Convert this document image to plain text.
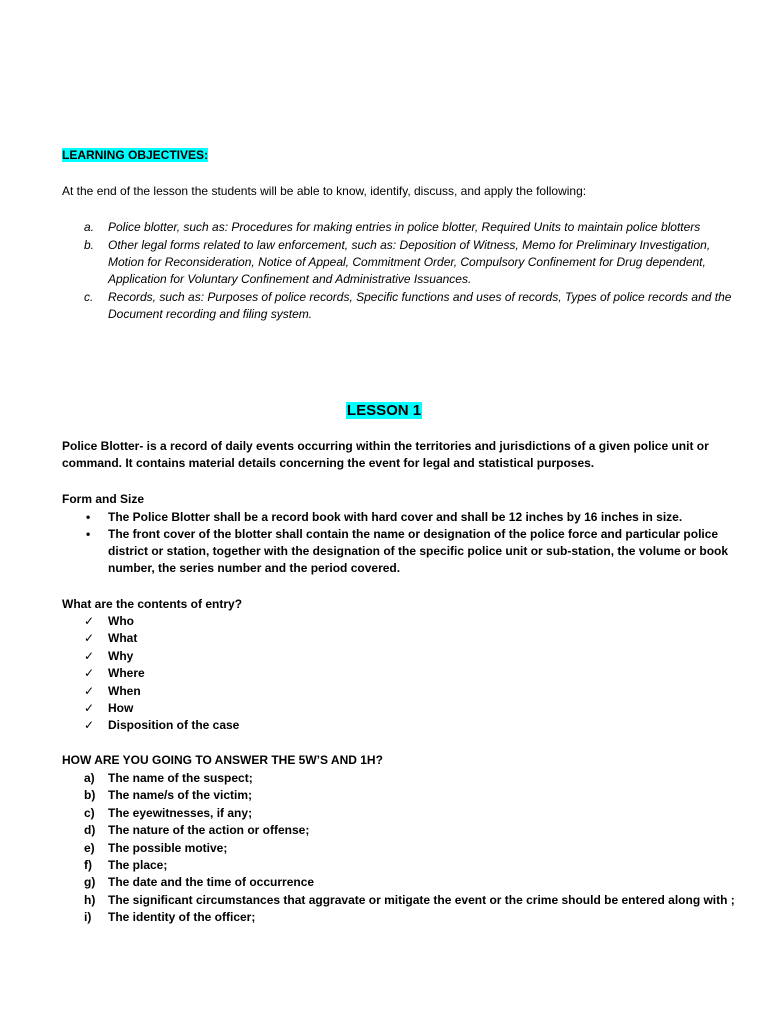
LEARNING OBJECTIVES:
At the end of the lesson the students will be able to know, identify, discuss, and apply the following:
a. Police blotter, such as: Procedures for making entries in police blotter, Required Units to maintain police blotters
b. Other legal forms related to law enforcement, such as: Deposition of Witness, Memo for Preliminary Investigation, Motion for Reconsideration, Notice of Appeal, Commitment Order, Compulsory Confinement for Drug dependent, Application for Voluntary Confinement and Administrative Issuances.
c. Records, such as: Purposes of police records, Specific functions and uses of records, Types of police records and the Document recording and filing system.
LESSON 1
Police Blotter- is a record of daily events occurring within the territories and jurisdictions of a given police unit or command. It contains material details concerning the event for legal and statistical purposes.
Form and Size
• The Police Blotter shall be a record book with hard cover and shall be 12 inches by 16 inches in size.
• The front cover of the blotter shall contain the name or designation of the police force and particular police district or station, together with the designation of the specific police unit or sub-station, the volume or book number, the series number and the period covered.
What are the contents of entry?
✓ Who
✓ What
✓ Why
✓ Where
✓ When
✓ How
✓ Disposition of the case
HOW ARE YOU GOING TO ANSWER THE 5W’S AND 1H?
a) The name of the suspect;
b) The name/s of the victim;
c) The eyewitnesses, if any;
d) The nature of the action or offense;
e) The possible motive;
f) The place;
g) The date and the time of occurrence
h) The significant circumstances that aggravate or mitigate the event or the crime should be entered along with ;
i) The identity of the officer;
